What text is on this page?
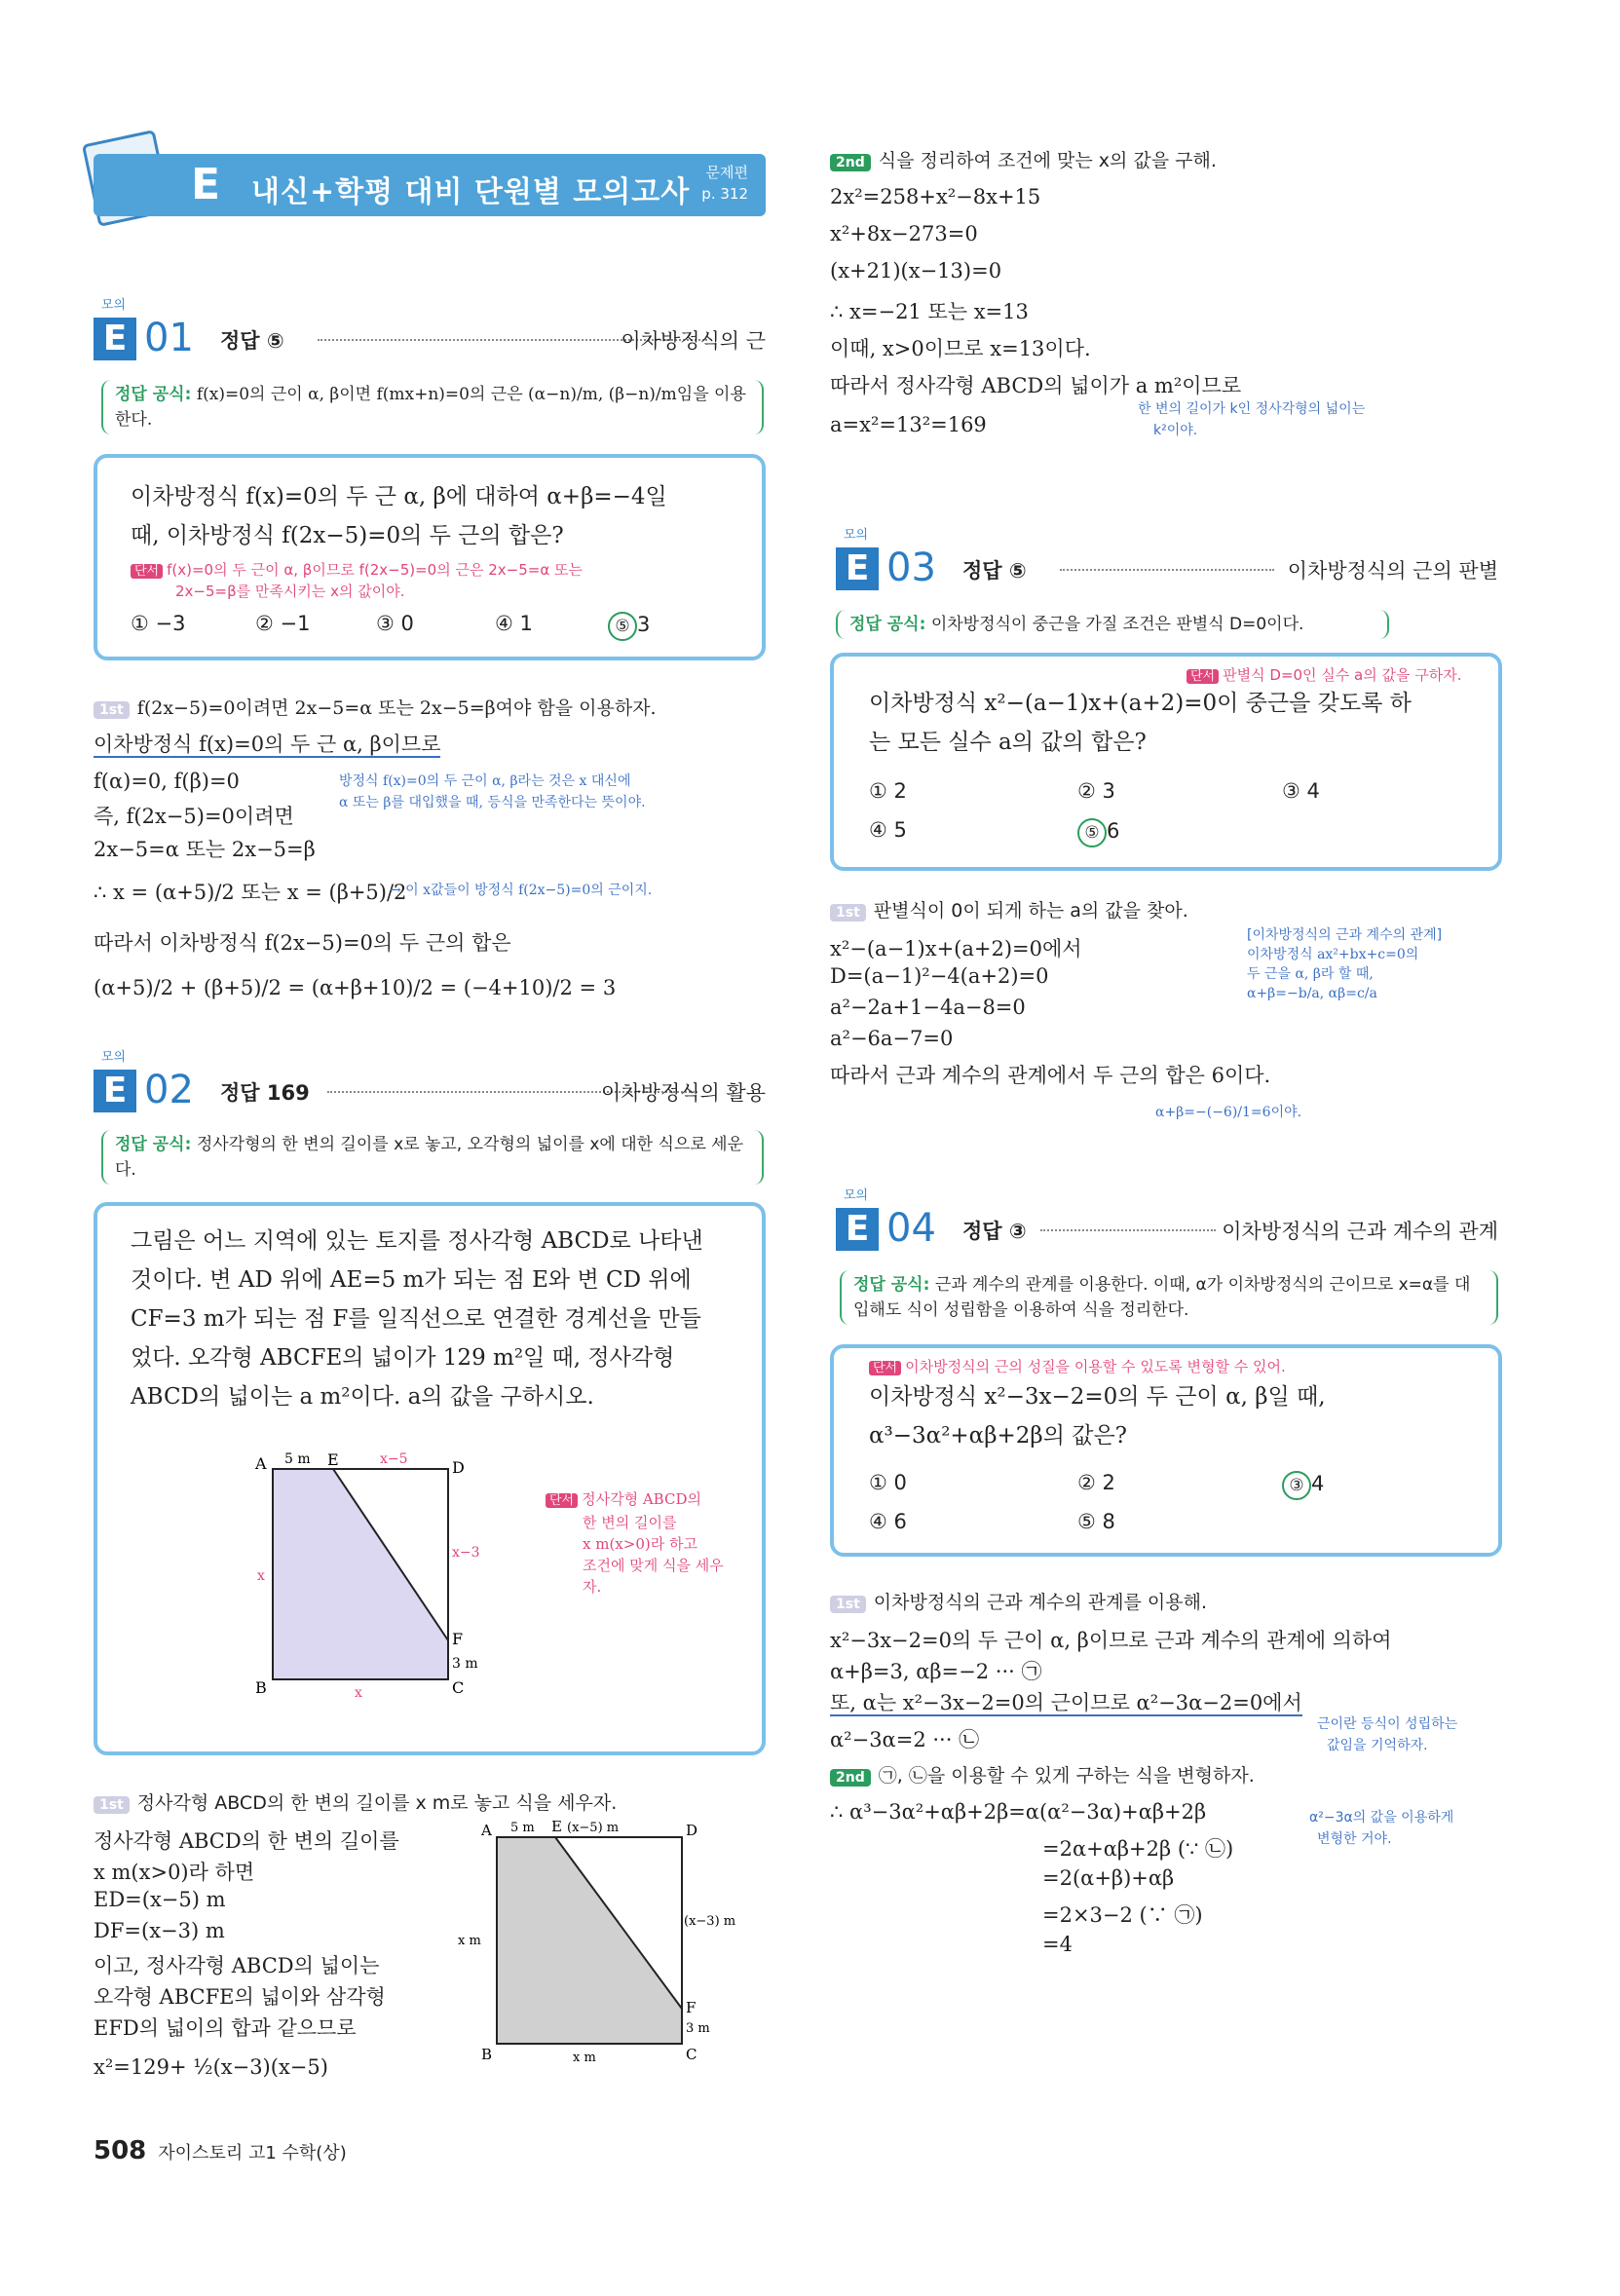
E 내신+학평 대비 단원별 모의고사
문제편
p. 312
모의
E 01 정답 ⑤	이차방정식의 근
정답 공식: f(x)=0의 근이 α, β이면 f(mx+n)=0의 근은 (α−n)/m, (β−n)/m임을 이용한다.
이차방정식 f(x)=0의 두 근 α, β에 대하여 α+β=−4일
때, 이차방정식 f(2x−5)=0의 두 근의 합은?
단서 f(x)=0의 두 근이 α, β이므로 f(2x−5)=0의 근은 2x−5=α 또는
2x−5=β를 만족시키는 x의 값이야.
① −3	② −1	③ 0	④ 1	⑤ 3
1st f(2x−5)=0이려면 2x−5=α 또는 2x−5=β여야 함을 이용하자.
이차방정식 f(x)=0의 두 근 α, β이므로
f(α)=0, f(β)=0
즉, f(2x−5)=0이려면
방정식 f(x)=0의 두 근이 α, β라는 것은 x 대신에
α 또는 β를 대입했을 때, 등식을 만족한다는 뜻이야.
2x−5=α 또는 2x−5=β
∴ x = (α+5)/2 또는 x = (β+5)/2
→ 이 x값들이 방정식 f(2x−5)=0의 근이지.
따라서 이차방정식 f(2x−5)=0의 두 근의 합은
(α+5)/2 + (β+5)/2 = (α+β+10)/2 = (−4+10)/2 = 3
모의
E 02 정답 169	이차방정식의 활용
정답 공식: 정사각형의 한 변의 길이를 x로 놓고, 오각형의 넓이를 x에 대한 식으로 세운다.
그림은 어느 지역에 있는 토지를 정사각형 ABCD로 나타낸
것이다. 변 AD 위에 AE=5 m가 되는 점 E와 변 CD 위에
CF=3 m가 되는 점 F를 일직선으로 연결한 경계선을 만들
었다. 오각형 ABCFE의 넓이가 129 m²일 때, 정사각형
ABCD의 넓이는 a m²이다. a의 값을 구하시오.
A
B	C
D
E
F
5 m	x−5
x−3
3 m
x
x
단서 정사각형 ABCD의
한 변의 길이를
x m(x>0)라 하고
조건에 맞게 식을 세우
자.
1st 정사각형 ABCD의 한 변의 길이를 x m로 놓고 식을 세우자.
정사각형 ABCD의 한 변의 길이를
x m(x>0)라 하면
ED=(x−5) m
DF=(x−3) m
이고, 정사각형 ABCD의 넓이는
오각형 ABCFE의 넓이와 삼각형
EFD의 넓이의 합과 같으므로
x²=129+ ½(x−3)(x−5)
A
B	C
D
E
F
5 m	(x−5) m
(x−3) m
3 m
x m
x m
2nd 식을 정리하여 조건에 맞는 x의 값을 구해.
2x²=258+x²−8x+15
x²+8x−273=0
(x+21)(x−13)=0
∴ x=−21 또는 x=13
이때, x>0이므로 x=13이다.
따라서 정사각형 ABCD의 넓이가 a m²이므로
a=x²=13²=169
한 변의 길이가 k인 정사각형의 넓이는
k²이야.
모의
E 03 정답 ⑤	이차방정식의 근의 판별
정답 공식: 이차방정식이 중근을 가질 조건은 판별식 D=0이다.
단서 판별식 D=0인 실수 a의 값을 구하자.
이차방정식 x²−(a−1)x+(a+2)=0이 중근을 갖도록 하
는 모든 실수 a의 값의 합은?
① 2	② 3	③ 4
④ 5	⑤ 6
1st 판별식이 0이 되게 하는 a의 값을 찾아.
x²−(a−1)x+(a+2)=0에서
D=(a−1)²−4(a+2)=0
a²−2a+1−4a−8=0
a²−6a−7=0
따라서 근과 계수의 관계에서 두 근의 합은 6이다.
[이차방정식의 근과 계수의 관계]
이차방정식 ax²+bx+c=0의
두 근을 α, β라 할 때,
α+β=−b/a, αβ=c/a
α+β=−(−6)/1=6이야.
모의
E 04 정답 ③	이차방정식의 근과 계수의 관계
정답 공식: 근과 계수의 관계를 이용한다. 이때, α가 이차방정식의 근이므로 x=α를 대입해도 식이 성립함을 이용하여 식을 정리한다.
단서 이차방정식의 근의 성질을 이용할 수 있도록 변형할 수 있어.
이차방정식 x²−3x−2=0의 두 근이 α, β일 때,
α³−3α²+αβ+2β의 값은?
① 0	② 2	③ 4
④ 6	⑤ 8
1st 이차방정식의 근과 계수의 관계를 이용해.
x²−3x−2=0의 두 근이 α, β이므로 근과 계수의 관계에 의하여
α+β=3, αβ=−2 ··· ㉠
또, α는 x²−3x−2=0의 근이므로 α²−3α−2=0에서
α²−3α=2 ··· ㉡
근이란 등식이 성립하는
값임을 기억하자.
2nd ㉠, ㉡을 이용할 수 있게 구하는 식을 변형하자.
∴ α³−3α²+αβ+2β=α(α²−3α)+αβ+2β
=2α+αβ+2β (∵ ㉡)
=2(α+β)+αβ
=2×3−2 (∵ ㉠)
=4
α²−3α의 값을 이용하게
변형한 거야.
508 자이스토리 고1 수학(상)
